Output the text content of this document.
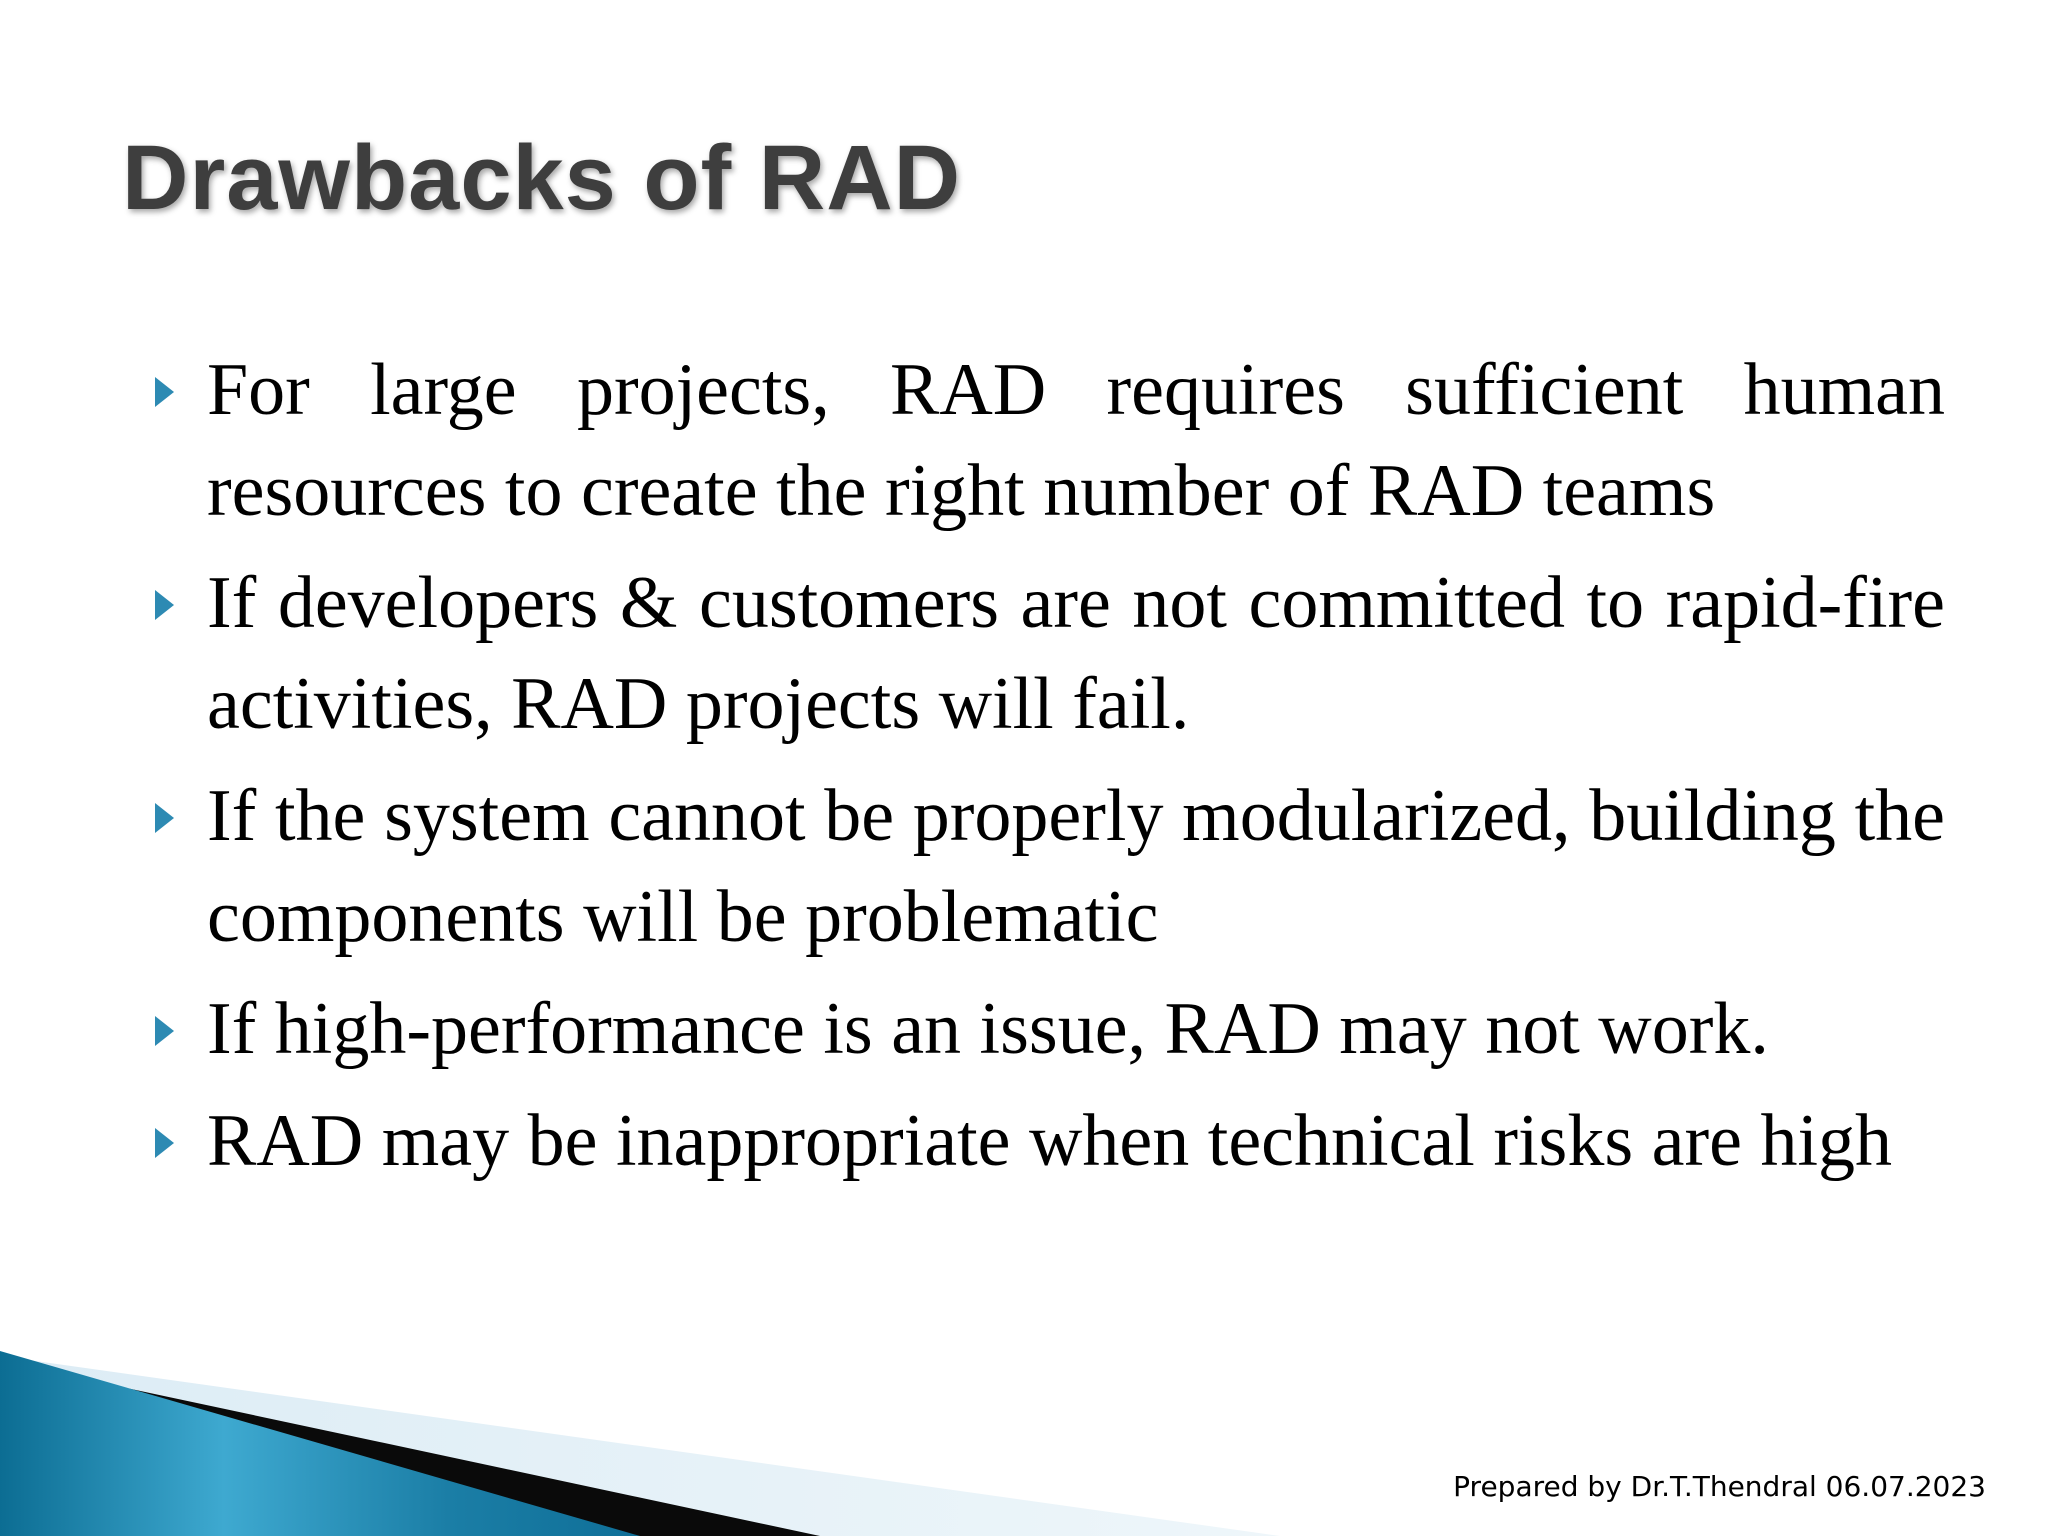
Drawbacks of RAD
For large projects, RAD requires sufficient human resources to create the right number of RAD teams
If developers & customers are not committed to rapid-fire activities, RAD projects will fail.
If the system cannot be properly modularized, building the components will be problematic
If high-performance is an issue, RAD may not work.
RAD may be inappropriate when technical risks are high
Prepared by Dr.T.Thendral 06.07.2023
